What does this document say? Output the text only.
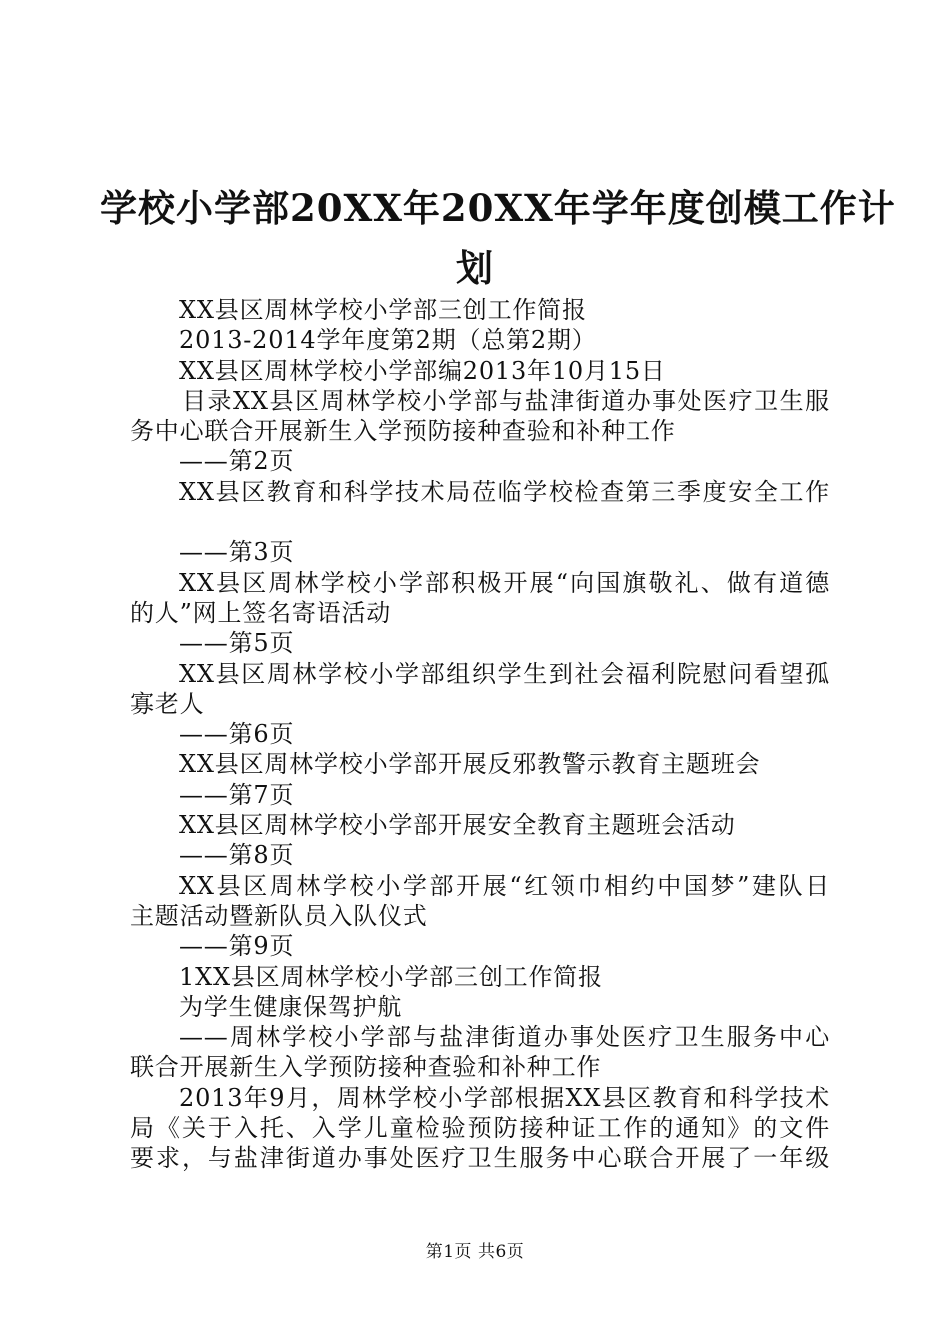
学校小学部20XX年20XX年学年度创模工作计
划

XX县区周林学校小学部三创工作简报

2013-2014学年度第2期（总第2期）

XX县区周林学校小学部编2013年10月15日

目录XX县区周林学校小学部与盐津街道办事处医疗卫生服

务中心联合开展新生入学预防接种查验和补种工作

——第2页

XX县区教育和科学技术局莅临学校检查第三季度安全工作

——第3页

XX县区周林学校小学部积极开展“向国旗敬礼、做有道德

的人”网上签名寄语活动

——第5页

XX县区周林学校小学部组织学生到社会福利院慰问看望孤

寡老人

——第6页

XX县区周林学校小学部开展反邪教警示教育主题班会

——第7页

XX县区周林学校小学部开展安全教育主题班会活动

——第8页

XX县区周林学校小学部开展“红领巾相约中国梦”建队日

主题活动暨新队员入队仪式

——第9页

1XX县区周林学校小学部三创工作简报

为学生健康保驾护航

——周林学校小学部与盐津街道办事处医疗卫生服务中心

联合开展新生入学预防接种查验和补种工作

2013年9月，周林学校小学部根据XX县区教育和科学技术

局《关于入托、入学儿童检验预防接种证工作的通知》的文件

要求，与盐津街道办事处医疗卫生服务中心联合开展了一年级

第1页 共6页
